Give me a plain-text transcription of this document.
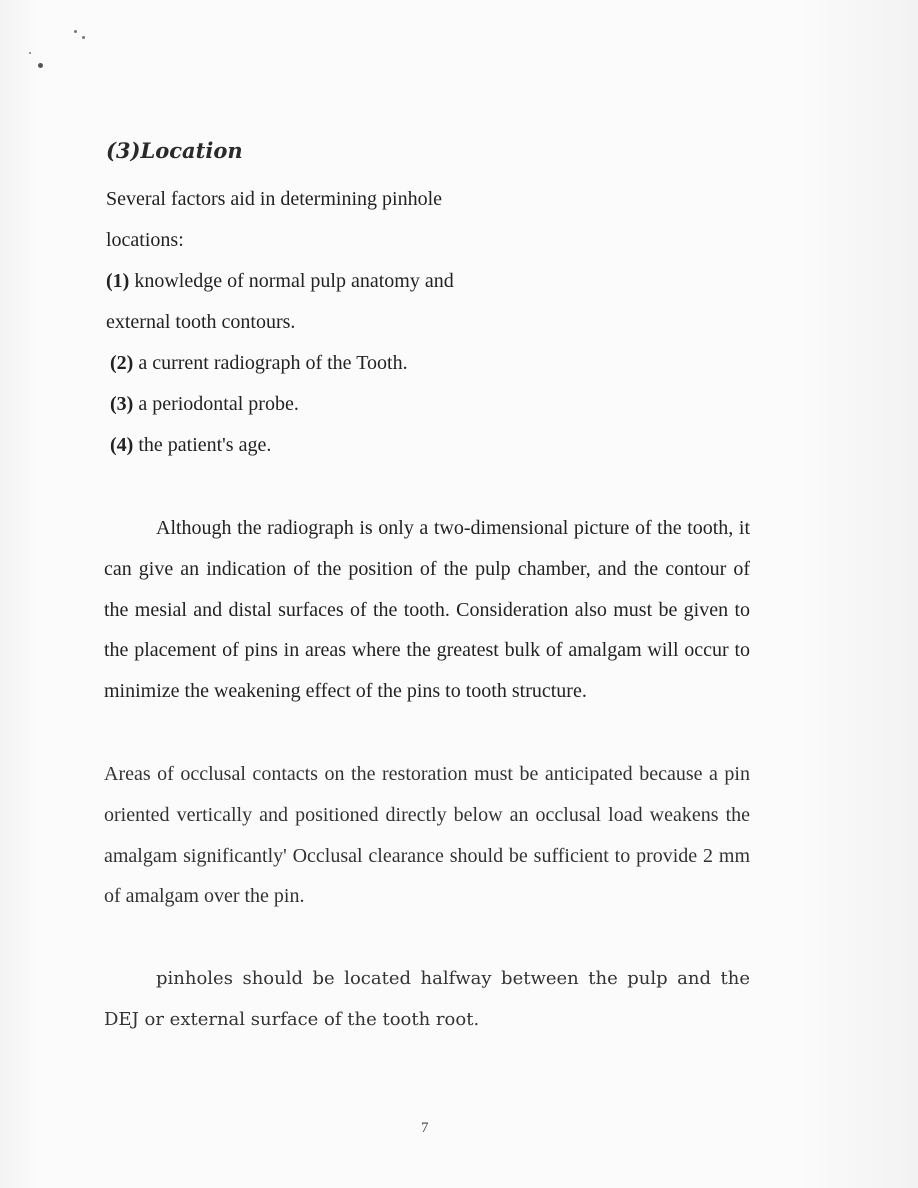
(3)Location
Several factors aid in determining pinhole
locations:
(1) knowledge of normal pulp anatomy and
external tooth contours.
(2) a current radiograph of the Tooth.
(3) a periodontal probe.
(4) the patient's age.
Although the radiograph is only a two-dimensional picture of the tooth, it can give an indication of the position of the pulp chamber, and the contour of the mesial and distal surfaces of the tooth. Consideration also must be given to the placement of pins in areas where the greatest bulk of amalgam will occur to minimize the weakening effect of the pins to tooth structure.
Areas of occlusal contacts on the restoration must be anticipated because a pin oriented vertically and positioned directly below an occlusal load weakens the amalgam significantly' Occlusal clearance should be sufficient to provide 2 mm of amalgam over the pin.
pinholes should be located halfway between the pulp and the DEJ or external surface of the tooth root.
7
